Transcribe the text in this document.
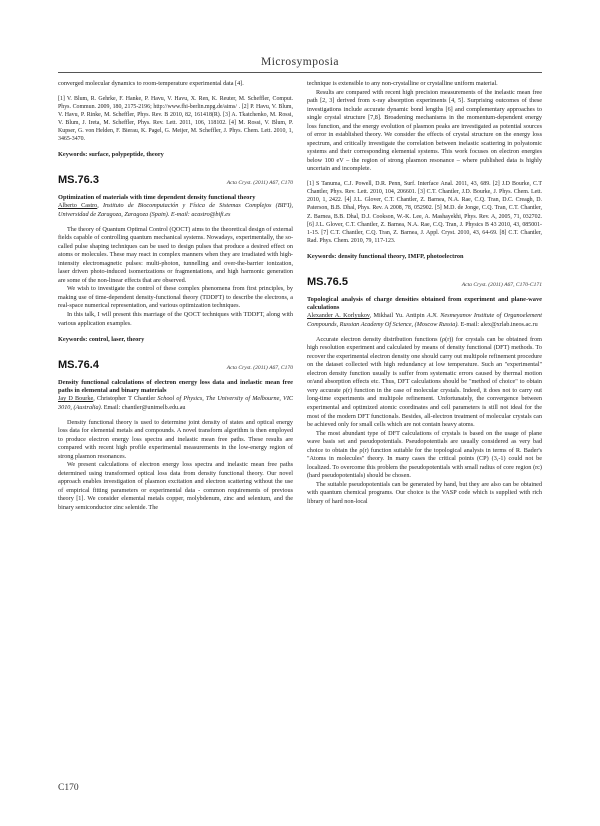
Microsymposia

converged molecular dynamics to room-temperature experimental data [4].

[1] V. Blum, R. Gehrke, F. Hanke, P. Havu, V. Havu, X. Ren, K. Reuter, M. Scheffler, Comput. Phys. Commun. 2009, 180, 2175-2196; http://www.fhi-berlin.mpg.de/aims/ . [2] P. Havu, V. Blum, V. Havu, P. Rinke, M. Scheffler, Phys. Rev. B 2010, 82, 161418(R). [3] A. Tkatchenko, M. Rossi, V. Blum, J. Ireta, M. Scheffler, Phys. Rev. Lett. 2011, 106, 118102. [4] M. Rossi, V. Blum, P. Kupser, G. von Helden, F. Bierau, K. Pagel, G. Meijer, M. Scheffler, J. Phys. Chem. Lett. 2010, 1, 3465-3470.

Keywords: surface, polypeptide, theory

MS.76.3	Acta Cryst. (2011) A67, C170

Optimization of materials with time dependent density functional theory

Alberto Castro, Instituto de Biocomputación y Física de Sistemas Complejos (BIFI), Universidad de Zaragoza, Zaragoza (Spain). E-mail: acastro@bifi.es

The theory of Quantum Optimal Control (QOCT) aims to the theoretical design of external fields capable of controlling quantum mechanical systems. Nowadays, experimentally, the so-called pulse shaping techniques can be used to design pulses that produce a desired effect on atoms or molecules. These may react in complex manners when they are irradiated with high-intensity electromagnetic pulses: multi-photon, tunnelling and over-the-barrier ionization, laser driven photo-induced isomerizations or fragmentations, and high harmonic generation are some of the non-linear effects that are observed.

We wish to investigate the control of these complex phenomena from first principles, by making use of time-dependent density-functional theory (TDDFT) to describe the electrons, a real-space numerical representation, and various optimization techniques.

In this talk, I will present this marriage of the QOCT techniques with TDDFT, along with various application examples.

Keywords: control, laser, theory

MS.76.4	Acta Cryst. (2011) A67, C170

Density functional calculations of electron energy loss data and inelastic mean free paths in elemental and binary materials

Jay D Bourke, Christopher T Chantler School of Physics, The University of Melbourne, VIC 3010, (Australia). Email: chantler@unimelb.edu.au

Density functional theory is used to determine joint density of states and optical energy loss data for elemental metals and compounds. A novel transform algorithm is then employed to produce electron energy loss spectra and inelastic mean free paths. These results are compared with recent high profile experimental measurements in the low-energy region of strong plasmon resonances.

We present calculations of electron energy loss spectra and inelastic mean free paths determined using transformed optical loss data from density functional theory. Our novel approach enables investigation of plasmon excitation and electron scattering without the use of empirical fitting parameters or experimental data - common requirements of previous theory [1]. We consider elemental metals copper, molybdenum, zinc and selenium, and the binary semiconductor zinc selenide. The

technique is extensible to any non-crystalline or crystalline uniform material.

Results are compared with recent high precision measurements of the inelastic mean free path [2, 3] derived from x-ray absorption experiments [4, 5]. Surprising outcomes of these investigations include accurate dynamic bond lengths [6] and complementary approaches to single crystal structure [7,8]. Broadening mechanisms in the momentum-dependent energy loss function, and the energy evolution of plasmon peaks are investigated as potential sources of error in established theory. We consider the effects of crystal structure on the energy loss spectrum, and critically investigate the correlation between inelastic scattering in polyatomic systems and their corresponding elemental systems. This work focuses on electron energies below 100 eV – the region of strong plasmon resonance – where published data is highly uncertain and incomplete.

[1] S Tanuma, C.J. Powell, D.R. Penn, Surf. Interface Anal. 2011, 43, 689. [2] J.D Bourke, C.T Chantler, Phys. Rev. Lett. 2010, 104, 206601. [3] C.T. Chantler, J.D. Bourke, J. Phys. Chem. Lett. 2010, 1, 2422. [4] J.L. Glover, C.T. Chantler, Z. Barnea, N.A. Rae, C.Q. Tran, D.C. Creagh, D. Paterson, B.B. Dhal, Phys. Rev. A 2008, 78, 052902. [5] M.D. de Jonge, C.Q. Tran, C.T. Chantler, Z. Barnea, B.B. Dhal, D.J. Cookson, W.-K. Lee, A. Mashayekhi, Phys. Rev. A, 2005, 71, 032702. [6] J.L. Glover, C.T. Chantler, Z. Barnea, N.A. Rae, C.Q. Tran, J. Physics B 43 2010, 43, 085001-1-15. [7] C.T. Chantler, C.Q. Tran, Z. Barnea, J. Appl. Cryst. 2010, 43, 64-69. [8] C.T. Chantler, Rad. Phys. Chem. 2010, 79, 117-123.

Keywords: density functional theory, IMFP, photoelectron

MS.76.5	Acta Cryst. (2011) A67, C170-C171

Topological analysis of charge densities obtained from experiment and plane-wave calculations

Alexander A. Korlyukov, Mikhail Yu. Antipin A.N. Nesmeyanov Institute of Organoelement Compounds, Russian Academy Of Science, (Moscow Russia). E-mail: alex@xrlab.ineos.ac.ru

Accurate electron density distribution functions (ρ(r)) for crystals can be obtained from high resolution experiment and calculated by means of density functional (DFT) methods. To recover the experimental electron density one should carry out multipole refinement procedure on the dataset collected with high redundancy at low temperature. Such an "experimental" electron density function usually is suffer from systematic errors caused by thermal motion or/and absorption effects etc. Thus, DFT calculations should be "method of choice" to obtain very accurate ρ(r) function in the case of molecular crystals. Indeed, it does not to carry out long-time experiments and multipole refinement. Unfortunately, the convergence between experimental and optimized atomic coordinates and cell parameters is still not ideal for the most of the modern DFT functionals. Besides, all-electron treatment of molecular crystals can be achieved only for small cells which are not contain heavy atoms.

The most abundant type of DFT calculations of crystals is based on the usage of plane wave basis set and pseudopotentials. Pseudopotentials are usually considered as very bad choice to obtain the ρ(r) function suitable for the topological analysis in terms of R. Bader's "Atoms in molecules" theory. In many cases the critical points (CP) (3,-1) could not be localized. To overcome this problem the pseudopotentials with small radius of core region (rc) (hard pseudopotentials) should be chosen.

The suitable pseudopotentials can be generated by hand, but they are also can be obtained with quantum chemical programs. Our choice is the VASP code which is supplied with rich library of hard non-local

C170
